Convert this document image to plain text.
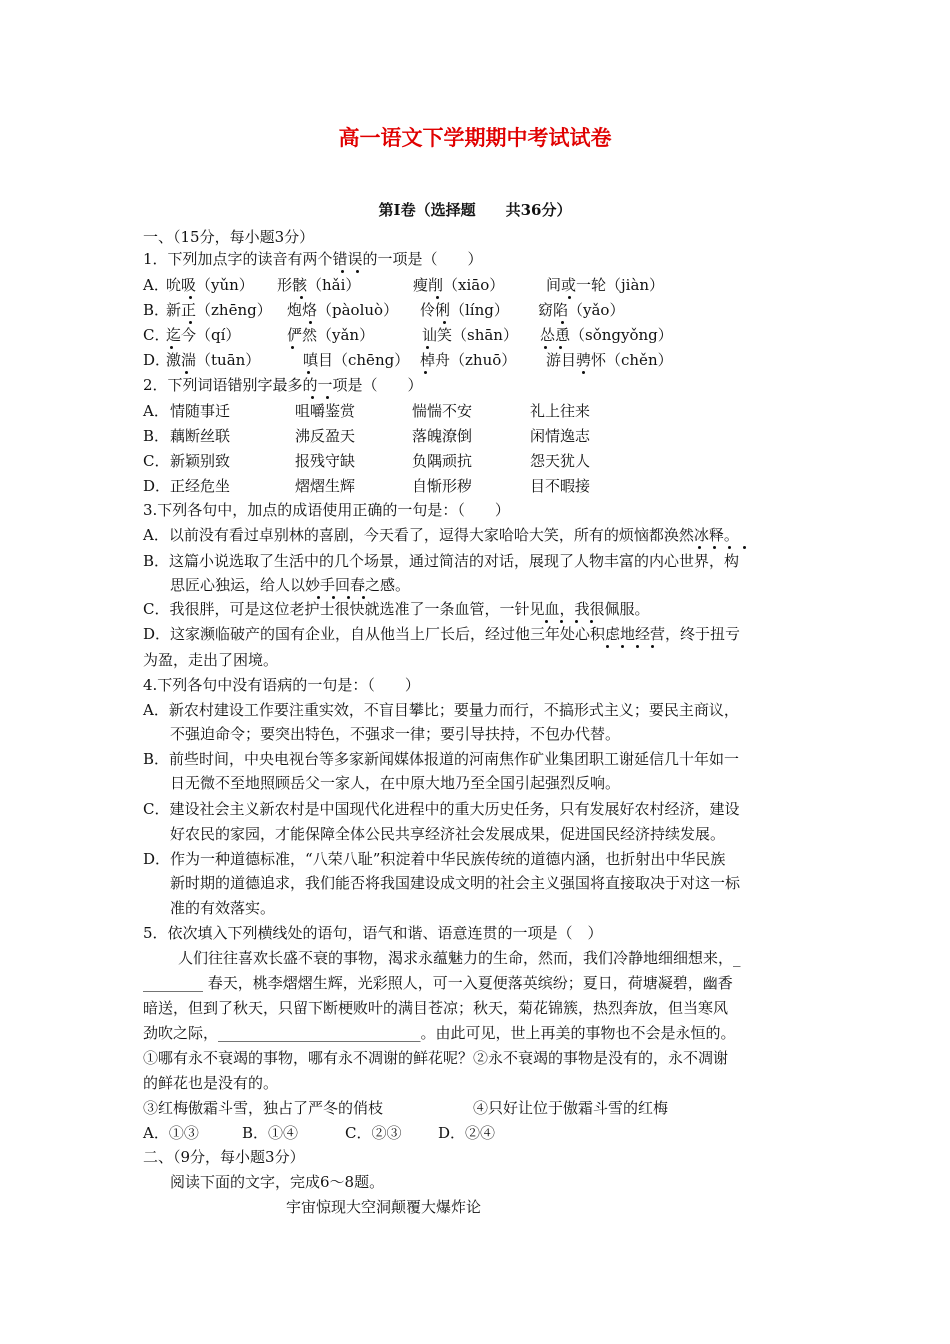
高一语文下学期期中考试试卷
第Ⅰ卷（选择题　　共36分）
一、（15分，每小题3分）
1．下列加点字的读音有两个错误的一项是（　　）
A．
吮吸（yǔn） 形骸（hǎi）	瘦削（xiāo）	间或一轮（jiàn）
B．
新正（zhēng） 炮烙（pàoluò） 伶俐（líng） 窈陷（yǎo）
C．
迄今（qí）	俨然（yǎn）	讪笑（shān） 怂恿（sǒngyǒng）
D．
激湍（tuān）	嗔目（chēng） 棹舟（zhuō） 游目骋怀（chěn）
2．下列词语错别字最多的一项是（　　）
A． 情随事迁	咀嚼鉴赏	惴惴不安	礼上往来
B． 藕断丝联	沸反盈天	落魄潦倒	闲情逸志
C． 新颖别致	报残守缺	负隅顽抗	怨天犹人
D． 正经危坐	熠熠生辉	自惭形秽	目不暇接
3.下列各句中，加点的成语使用正确的一句是：（　　）
A．以前没有看过卓别林的喜剧，今天看了，逗得大家哈哈大笑，所有的烦恼都涣然冰释。
B．这篇小说选取了生活中的几个场景，通过简洁的对话，展现了人物丰富的内心世界，构
思匠心独运，给人以妙手回春之感。
C．我很胖，可是这位老护士很快就选准了一条血管，一针见血，我很佩服。
D．这家濒临破产的国有企业，自从他当上厂长后，经过他三年处心积虑地经营，终于扭亏
为盈，走出了困境。
4.下列各句中没有语病的一句是：（　　）
A．新农村建设工作要注重实效，不盲目攀比；要量力而行，不搞形式主义；要民主商议，
不强迫命令；要突出特色，不强求一律；要引导扶持，不包办代替。
B．前些时间，中央电视台等多家新闻媒体报道的河南焦作矿业集团职工谢延信几十年如一
日无微不至地照顾岳父一家人，在中原大地乃至全国引起强烈反响。
C．建设社会主义新农村是中国现代化进程中的重大历史任务，只有发展好农村经济，建设
好农民的家园，才能保障全体公民共享经济社会发展成果，促进国民经济持续发展。
D．作为一种道德标准，“八荣八耻”积淀着中华民族传统的道德内涵，也折射出中华民族
新时期的道德追求，我们能否将我国建设成文明的社会主义强国将直接取决于对这一标
准的有效落实。
5．依次填入下列横线处的语句，语气和谐、语意连贯的一项是（　）
人们往往喜欢长盛不衰的事物，渴求永蕴魅力的生命，然而，我们冷静地细细想来，_
________ 春天，桃李熠熠生辉，光彩照人，可一入夏便落英缤纷；夏日，荷塘凝碧，幽香
暗送，但到了秋天，只留下断梗败叶的满目苍凉；秋天，菊花锦簇，热烈奔放，但当寒风
劲吹之际，___________________________。由此可见，世上再美的事物也不会是永恒的。
①哪有永不衰竭的事物，哪有永不凋谢的鲜花呢？②永不衰竭的事物是没有的，永不凋谢
的鲜花也是没有的。
③红梅傲霜斗雪，独占了严冬的俏枝	④只好让位于傲霜斗雪的红梅
A．①③	B．①④	C．②③ D．②④
二、（9分，每小题3分）
阅读下面的文字，完成6～8题。
宇宙惊现大空洞颠覆大爆炸论
